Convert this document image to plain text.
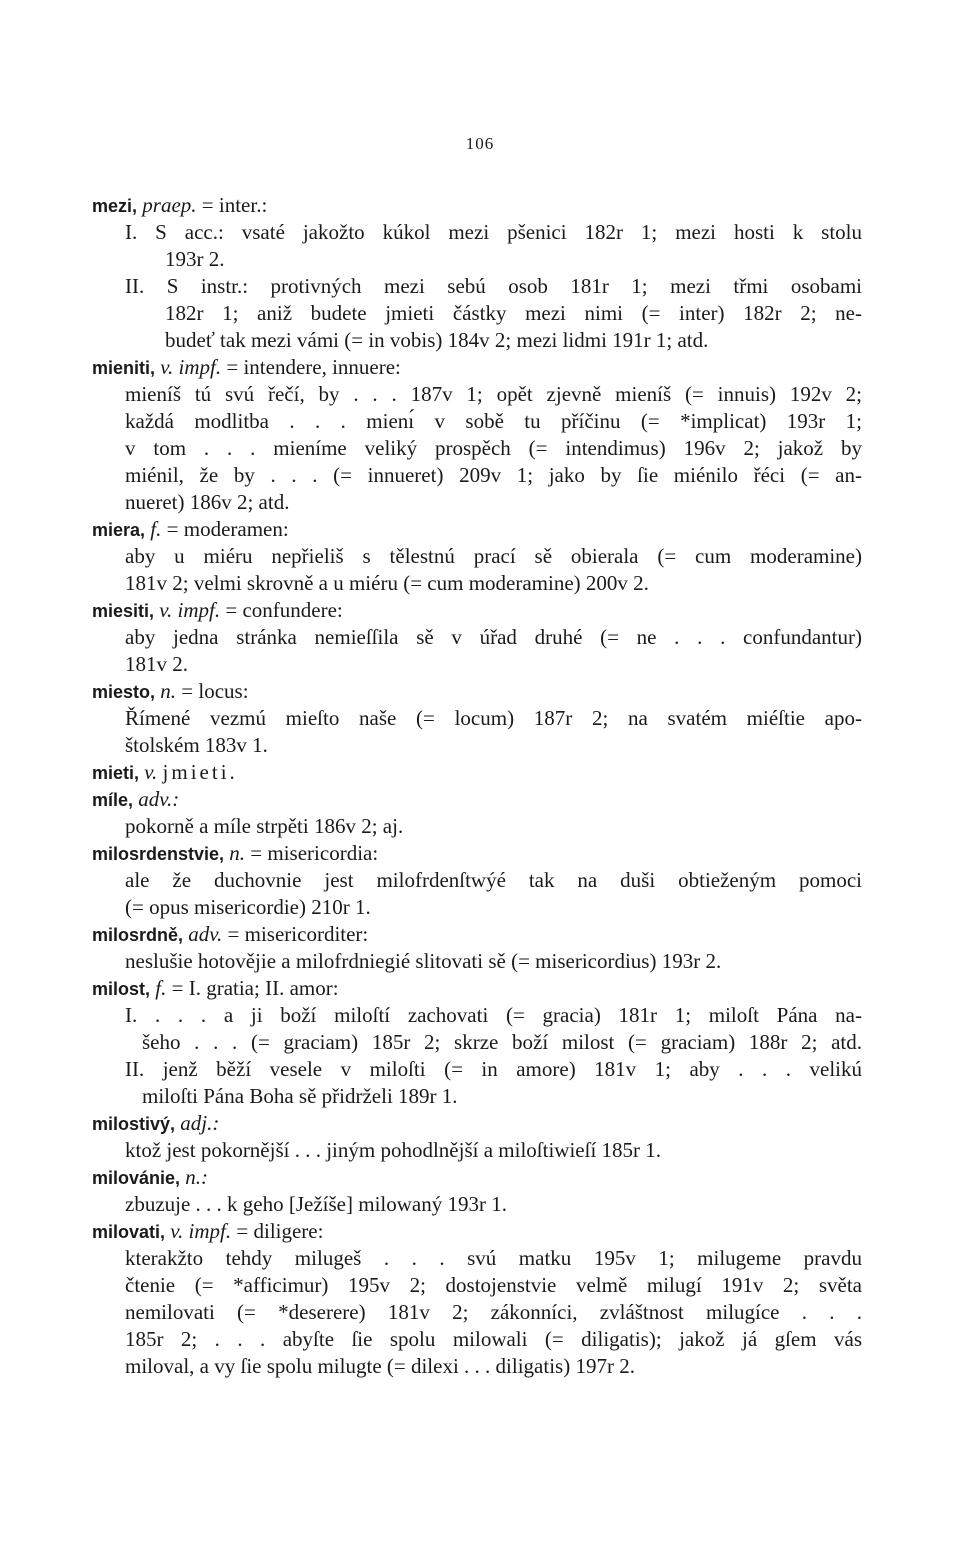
106
mezi, praep. = inter.:
I. S acc.: vsaté jakožto kúkol mezi pšenici 182r 1; mezi hosti k stolu
193r 2.
II. S instr.: protivných mezi sebú osob 181r 1; mezi třmi osobami
182r 1; aniž budete jmieti částky mezi nimi (= inter) 182r 2; ne-
budeť tak mezi vámi (= in vobis) 184v 2; mezi lidmi 191r 1; atd.
mieniti, v. impf. = intendere, innuere:
mieníš tú svú řečí, by . . . 187v 1; opět zjevně mieníš (= innuis) 192v 2;
každá modlitba . . . mienı́ v sobě tu příčinu (= *implicat) 193r 1;
v tom . . . mieníme veliký prospěch (= intendimus) 196v 2; jakož by
miénil, že by . . . (= innueret) 209v 1; jako by ſie miénilo řéci (= an-
nueret) 186v 2; atd.
miera, f. = moderamen:
aby u miéru nepřieliš s tělestnú prací sě obierala (= cum moderamine)
181v 2; velmi skrovně a u miéru (= cum moderamine) 200v 2.
miesiti, v. impf. = confundere:
aby jedna stránka nemieſſila sě v úřad druhé (= ne . . . confundantur)
181v 2.
miesto, n. = locus:
Římené vezmú mieſto naše (= locum) 187r 2; na svatém miéſtie apo-
štolském 183v 1.
mieti, v. jmieti.
míle, adv.:
pokorně a míle strpěti 186v 2; aj.
milosrdenstvie, n. = misericordia:
ale že duchovnie jest milofrdenſtwýé tak na duši obtieženým pomoci
(= opus misericordie) 210r 1.
milosrdně, adv. = misericorditer:
neslušie hotovějie a milofrdniegié slitovati sě (= misericordius) 193r 2.
milost, f. = I. gratia; II. amor:
I. . . . a ji boží miloſtí zachovati (= gracia) 181r 1; miloſt Pána na-
šeho . . . (= graciam) 185r 2; skrze boží milost (= graciam) 188r 2; atd.
II. jenž běží vesele v miloſti (= in amore) 181v 1; aby . . . velikú
miloſti Pána Boha sě přidrželi 189r 1.
milostivý, adj.:
ktož jest pokornější . . . jiným pohodlnější a miloſtiwieſí 185r 1.
milovánie, n.:
zbuzuje . . . k geho [Ježíše] milowaný 193r 1.
milovati, v. impf. = diligere:
kterakžto tehdy milugeš . . . svú matku 195v 1; milugeme pravdu
čtenie (= *afficimur) 195v 2; dostojenstvie velmě milugí 191v 2; světa
nemilovati (= *deserere) 181v 2; zákonníci, zvláštnost milugíce . . .
185r 2; . . . abyſte ſie spolu milowali (= diligatis); jakož já gſem vás
miloval, a vy ſie spolu milugte (= dilexi . . . diligatis) 197r 2.
